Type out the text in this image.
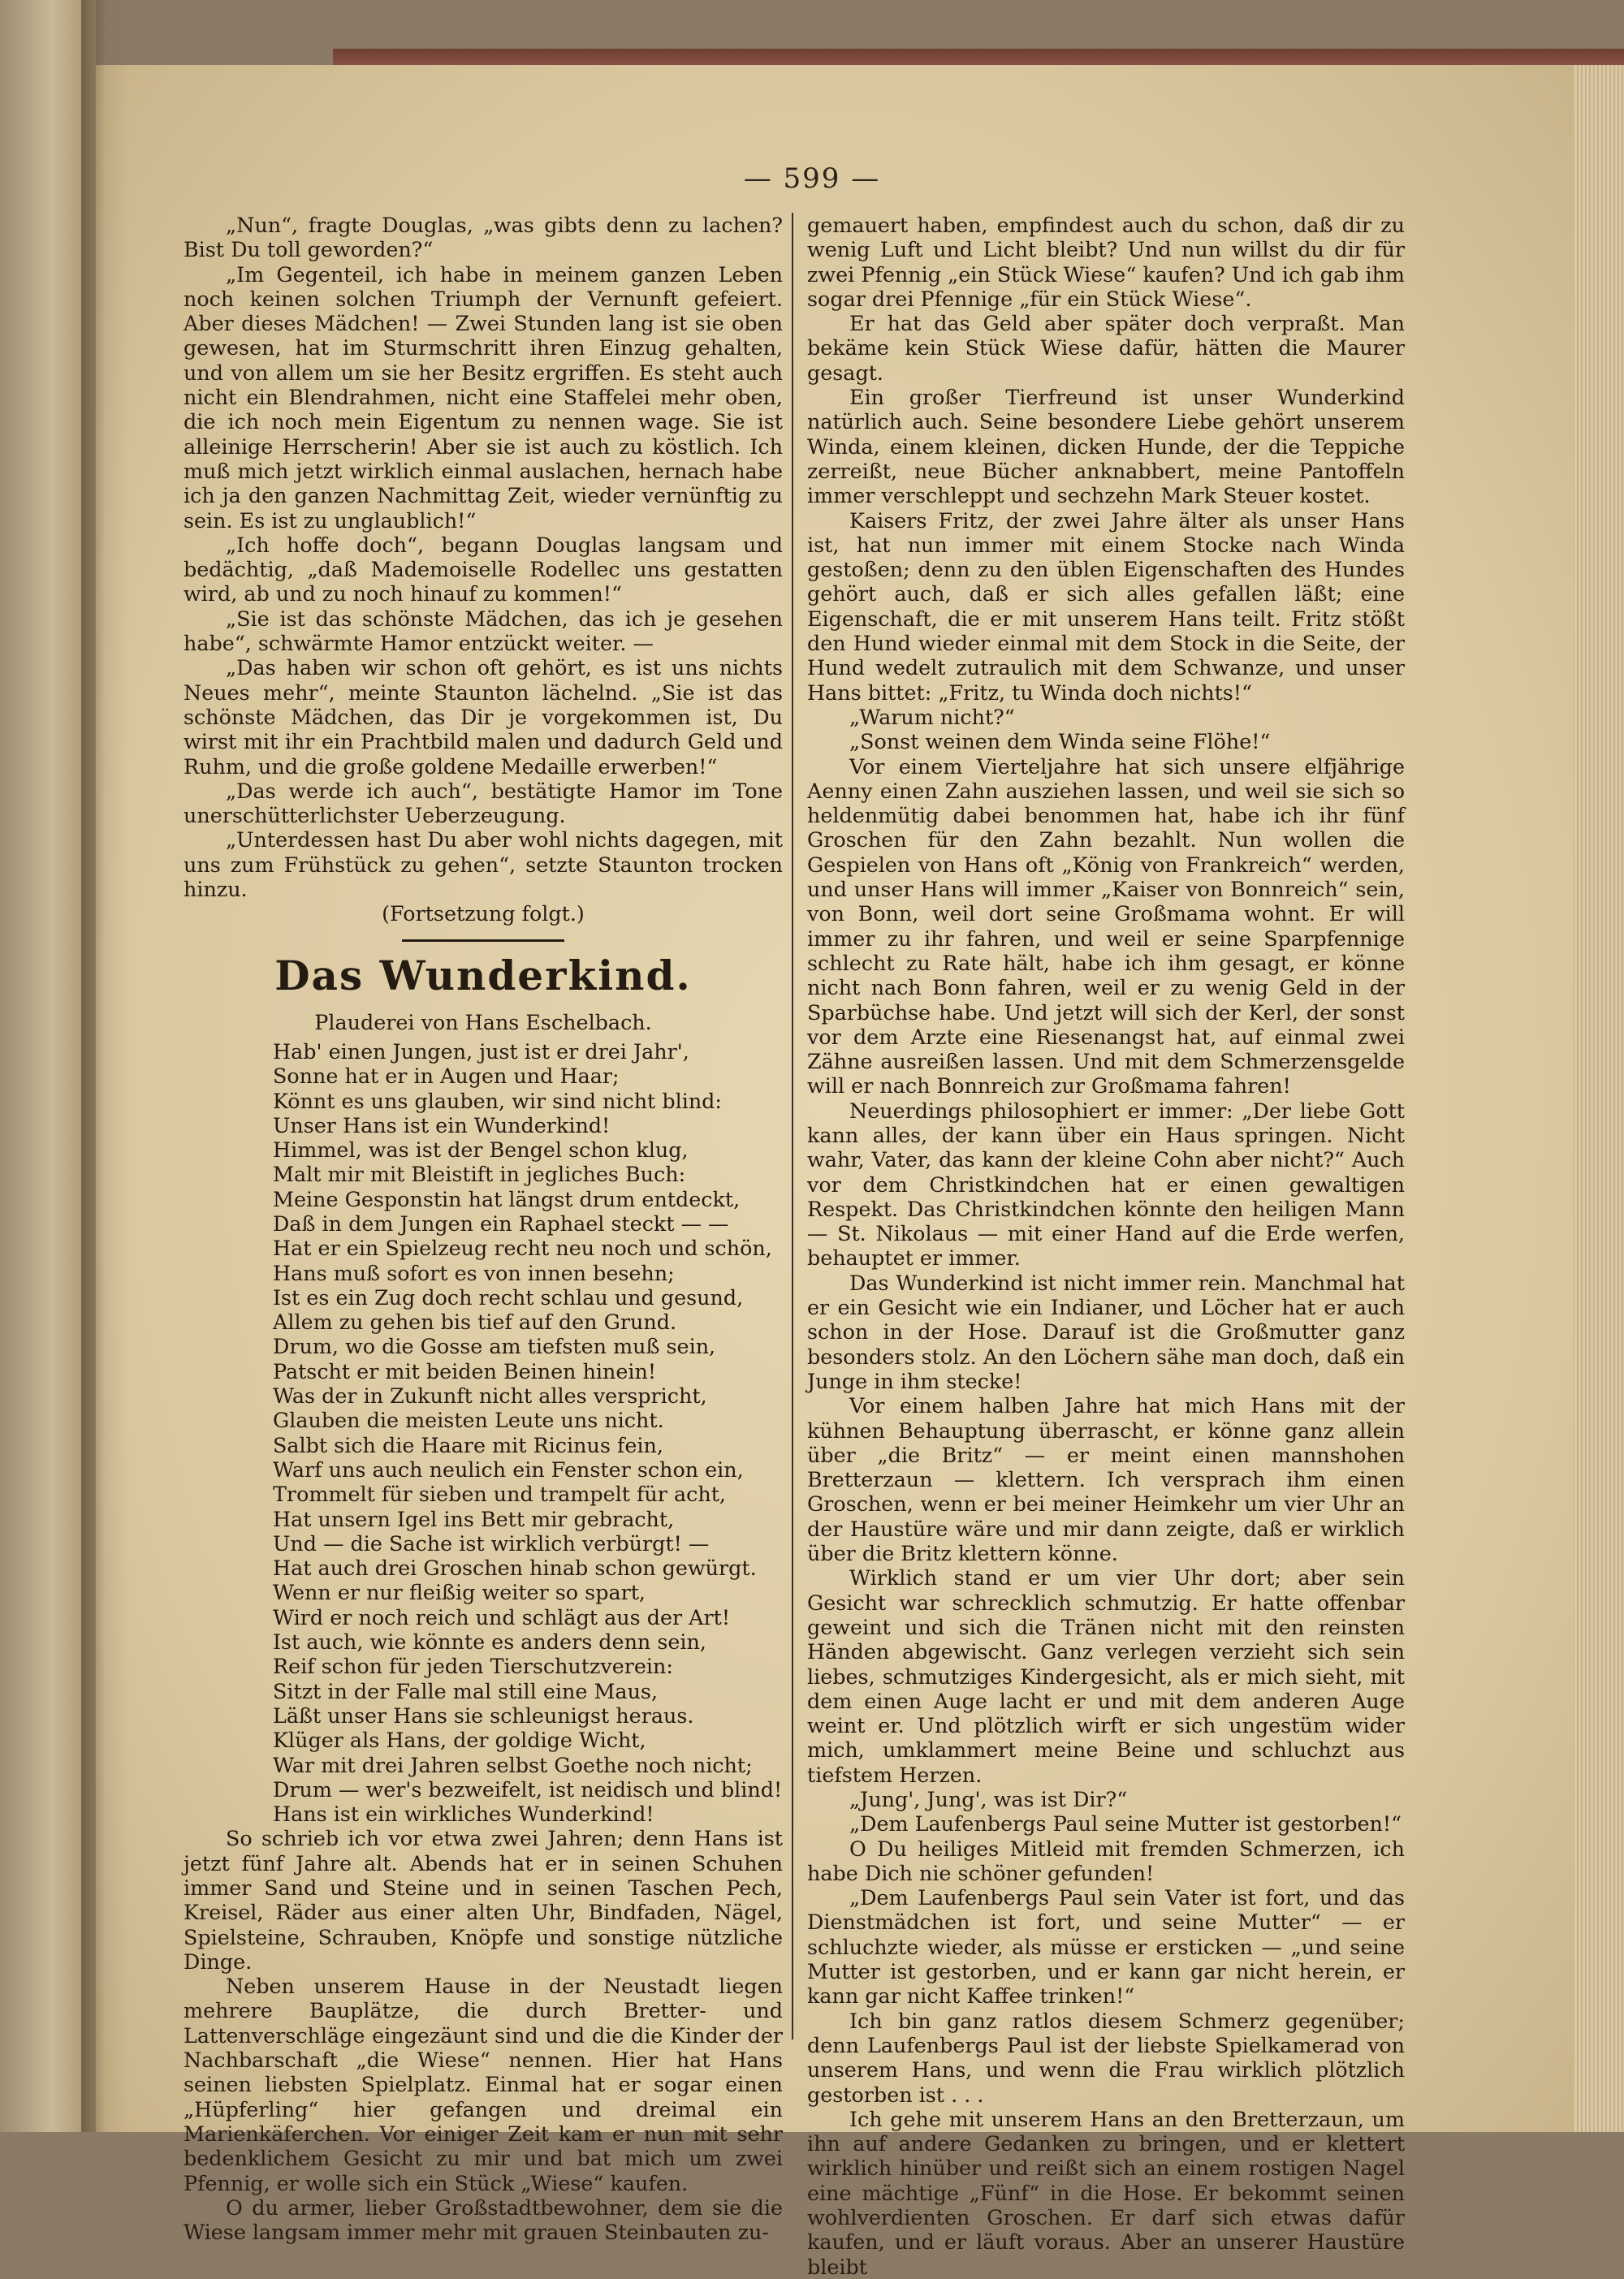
— 599 —

„Nun“, fragte Douglas, „was gibts denn zu lachen? Bist Du toll geworden?“

„Im Gegenteil, ich habe in meinem ganzen Leben noch keinen solchen Triumph der Vernunft gefeiert. Aber dieses Mädchen! — Zwei Stunden lang ist sie oben gewesen, hat im Sturmschritt ihren Einzug gehalten, und von allem um sie her Besitz ergriffen. Es steht auch nicht ein Blendrahmen, nicht eine Staffelei mehr oben, die ich noch mein Eigentum zu nennen wage. Sie ist alleinige Herrscherin! Aber sie ist auch zu köstlich. Ich muß mich jetzt wirklich einmal auslachen, hernach habe ich ja den ganzen Nachmittag Zeit, wieder vernünftig zu sein. Es ist zu unglaublich!“

„Ich hoffe doch“, begann Douglas langsam und bedächtig, „daß Mademoiselle Rodellec uns gestatten wird, ab und zu noch hinauf zu kommen!“

„Sie ist das schönste Mädchen, das ich je gesehen habe“, schwärmte Hamor entzückt weiter. —

„Das haben wir schon oft gehört, es ist uns nichts Neues mehr“, meinte Staunton lächelnd. „Sie ist das schönste Mädchen, das Dir je vorgekommen ist, Du wirst mit ihr ein Prachtbild malen und dadurch Geld und Ruhm, und die große goldene Medaille erwerben!“

„Das werde ich auch“, bestätigte Hamor im Tone unerschütterlichster Ueberzeugung.

„Unterdessen hast Du aber wohl nichts dagegen, mit uns zum Frühstück zu gehen“, setzte Staunton trocken hinzu.

(Fortsetzung folgt.)

Das Wunderkind.

Plauderei von Hans Eschelbach.

Hab' einen Jungen, just ist er drei Jahr',

Sonne hat er in Augen und Haar;

Könnt es uns glauben, wir sind nicht blind:

Unser Hans ist ein Wunderkind!

Himmel, was ist der Bengel schon klug,

Malt mir mit Bleistift in jegliches Buch:

Meine Gesponstin hat längst drum entdeckt,

Daß in dem Jungen ein Raphael steckt — —

Hat er ein Spielzeug recht neu noch und schön,

Hans muß sofort es von innen besehn;

Ist es ein Zug doch recht schlau und gesund,

Allem zu gehen bis tief auf den Grund.

Drum, wo die Gosse am tiefsten muß sein,

Patscht er mit beiden Beinen hinein!

Was der in Zukunft nicht alles verspricht,

Glauben die meisten Leute uns nicht.

Salbt sich die Haare mit Ricinus fein,

Warf uns auch neulich ein Fenster schon ein,

Trommelt für sieben und trampelt für acht,

Hat unsern Igel ins Bett mir gebracht,

Und — die Sache ist wirklich verbürgt! —

Hat auch drei Groschen hinab schon gewürgt.

Wenn er nur fleißig weiter so spart,

Wird er noch reich und schlägt aus der Art!

Ist auch, wie könnte es anders denn sein,

Reif schon für jeden Tierschutzverein:

Sitzt in der Falle mal still eine Maus,

Läßt unser Hans sie schleunigst heraus.

Klüger als Hans, der goldige Wicht,

War mit drei Jahren selbst Goethe noch nicht;

Drum — wer's bezweifelt, ist neidisch und blind!

Hans ist ein wirkliches Wunderkind!

So schrieb ich vor etwa zwei Jahren; denn Hans ist jetzt fünf Jahre alt. Abends hat er in seinen Schuhen immer Sand und Steine und in seinen Taschen Pech, Kreisel, Räder aus einer alten Uhr, Bindfaden, Nägel, Spielsteine, Schrauben, Knöpfe und sonstige nützliche Dinge.

Neben unserem Hause in der Neustadt liegen mehrere Bauplätze, die durch Bretter- und Lattenverschläge eingezäunt sind und die die Kinder der Nachbarschaft „die Wiese“ nennen. Hier hat Hans seinen liebsten Spielplatz. Einmal hat er sogar einen „Hüpferling“ hier gefangen und dreimal ein Marienkäferchen. Vor einiger Zeit kam er nun mit sehr bedenklichem Gesicht zu mir und bat mich um zwei Pfennig, er wolle sich ein Stück „Wiese“ kaufen.

O du armer, lieber Großstadtbewohner, dem sie die Wiese langsam immer mehr mit grauen Steinbauten zu-

gemauert haben, empfindest auch du schon, daß dir zu wenig Luft und Licht bleibt? Und nun willst du dir für zwei Pfennig „ein Stück Wiese“ kaufen? Und ich gab ihm sogar drei Pfennige „für ein Stück Wiese“.

Er hat das Geld aber später doch verpraßt. Man bekäme kein Stück Wiese dafür, hätten die Maurer gesagt.

Ein großer Tierfreund ist unser Wunderkind natürlich auch. Seine besondere Liebe gehört unserem Winda, einem kleinen, dicken Hunde, der die Teppiche zerreißt, neue Bücher anknabbert, meine Pantoffeln immer verschleppt und sechzehn Mark Steuer kostet.

Kaisers Fritz, der zwei Jahre älter als unser Hans ist, hat nun immer mit einem Stocke nach Winda gestoßen; denn zu den üblen Eigenschaften des Hundes gehört auch, daß er sich alles gefallen läßt; eine Eigenschaft, die er mit unserem Hans teilt. Fritz stößt den Hund wieder einmal mit dem Stock in die Seite, der Hund wedelt zutraulich mit dem Schwanze, und unser Hans bittet: „Fritz, tu Winda doch nichts!“

„Warum nicht?“

„Sonst weinen dem Winda seine Flöhe!“

Vor einem Vierteljahre hat sich unsere elfjährige Aenny einen Zahn ausziehen lassen, und weil sie sich so heldenmütig dabei benommen hat, habe ich ihr fünf Groschen für den Zahn bezahlt. Nun wollen die Gespielen von Hans oft „König von Frankreich“ werden, und unser Hans will immer „Kaiser von Bonnreich“ sein, von Bonn, weil dort seine Großmama wohnt. Er will immer zu ihr fahren, und weil er seine Sparpfennige schlecht zu Rate hält, habe ich ihm gesagt, er könne nicht nach Bonn fahren, weil er zu wenig Geld in der Sparbüchse habe. Und jetzt will sich der Kerl, der sonst vor dem Arzte eine Riesenangst hat, auf einmal zwei Zähne ausreißen lassen. Und mit dem Schmerzensgelde will er nach Bonnreich zur Großmama fahren!

Neuerdings philosophiert er immer: „Der liebe Gott kann alles, der kann über ein Haus springen. Nicht wahr, Vater, das kann der kleine Cohn aber nicht?“ Auch vor dem Christkindchen hat er einen gewaltigen Respekt. Das Christkindchen könnte den heiligen Mann — St. Nikolaus — mit einer Hand auf die Erde werfen, behauptet er immer.

Das Wunderkind ist nicht immer rein. Manchmal hat er ein Gesicht wie ein Indianer, und Löcher hat er auch schon in der Hose. Darauf ist die Großmutter ganz besonders stolz. An den Löchern sähe man doch, daß ein Junge in ihm stecke!

Vor einem halben Jahre hat mich Hans mit der kühnen Behauptung überrascht, er könne ganz allein über „die Britz“ — er meint einen mannshohen Bretterzaun — klettern. Ich versprach ihm einen Groschen, wenn er bei meiner Heimkehr um vier Uhr an der Haustüre wäre und mir dann zeigte, daß er wirklich über die Britz klettern könne.

Wirklich stand er um vier Uhr dort; aber sein Gesicht war schrecklich schmutzig. Er hatte offenbar geweint und sich die Tränen nicht mit den reinsten Händen abgewischt. Ganz verlegen verzieht sich sein liebes, schmutziges Kindergesicht, als er mich sieht, mit dem einen Auge lacht er und mit dem anderen Auge weint er. Und plötzlich wirft er sich ungestüm wider mich, umklammert meine Beine und schluchzt aus tiefstem Herzen.

„Jung', Jung', was ist Dir?“

„Dem Laufenbergs Paul seine Mutter ist gestorben!“

O Du heiliges Mitleid mit fremden Schmerzen, ich habe Dich nie schöner gefunden!

„Dem Laufenbergs Paul sein Vater ist fort, und das Dienstmädchen ist fort, und seine Mutter“ — er schluchzte wieder, als müsse er ersticken — „und seine Mutter ist gestorben, und er kann gar nicht herein, er kann gar nicht Kaffee trinken!“

Ich bin ganz ratlos diesem Schmerz gegenüber; denn Laufenbergs Paul ist der liebste Spielkamerad von unserem Hans, und wenn die Frau wirklich plötzlich gestorben ist . . .

Ich gehe mit unserem Hans an den Bretterzaun, um ihn auf andere Gedanken zu bringen, und er klettert wirklich hinüber und reißt sich an einem rostigen Nagel eine mächtige „Fünf“ in die Hose. Er bekommt seinen wohlverdienten Groschen. Er darf sich etwas dafür kaufen, und er läuft voraus. Aber an unserer Haustüre bleibt
